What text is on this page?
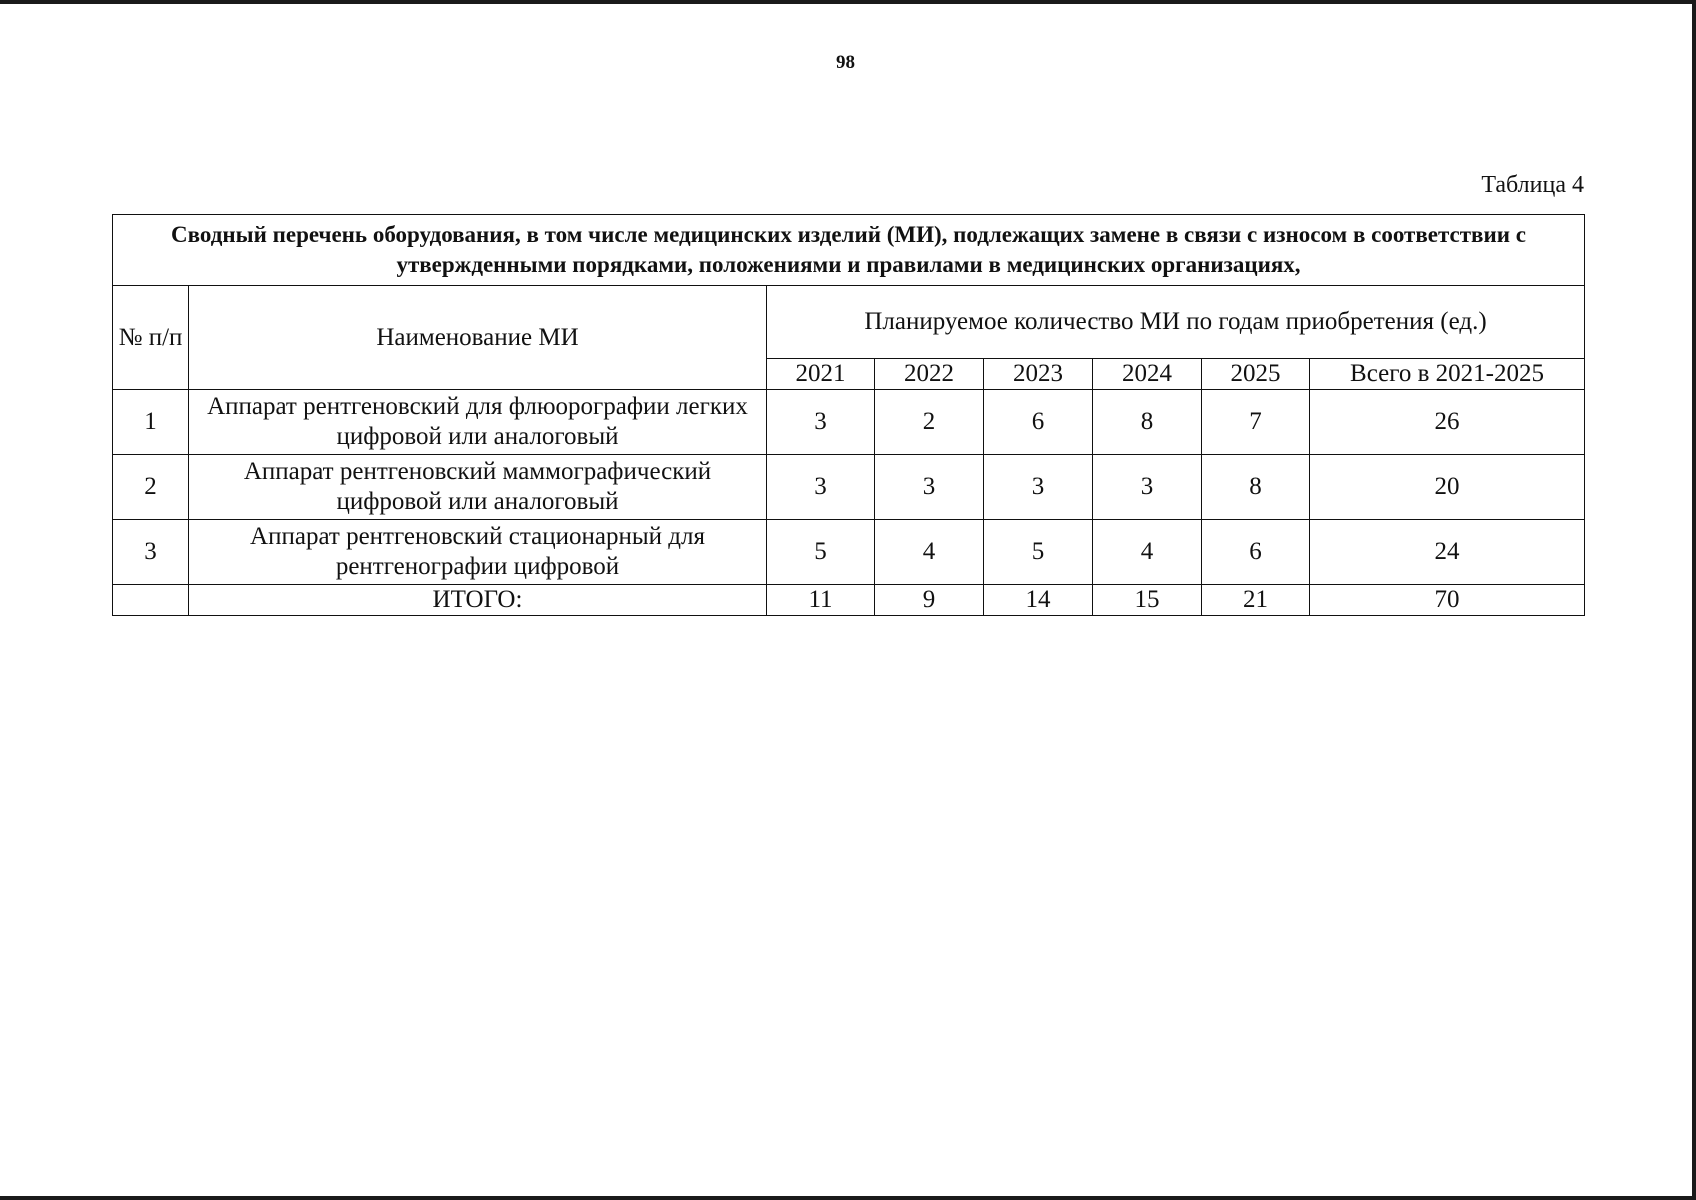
98
Таблица 4
Сводный перечень оборудования, в том числе медицинских изделий (МИ), подлежащих замене в связи с износом в соответствии с утвержденными порядками, положениями и правилами в медицинских организациях,							
№ п/п	Наименование МИ	Планируемое количество МИ по годам приобретения (ед.)					
		2021	2022	2023	2024	2025	Всего в 2021-2025
1	Аппарат рентгеновский для флюорографии легких цифровой или аналоговый	3	2	6	8	7	26
2	Аппарат рентгеновский маммографический цифровой или аналоговый	3	3	3	3	8	20
3	Аппарат рентгеновский стационарный для рентгенографии цифровой	5	4	5	4	6	24
	ИТОГО:	11	9	14	15	21	70
